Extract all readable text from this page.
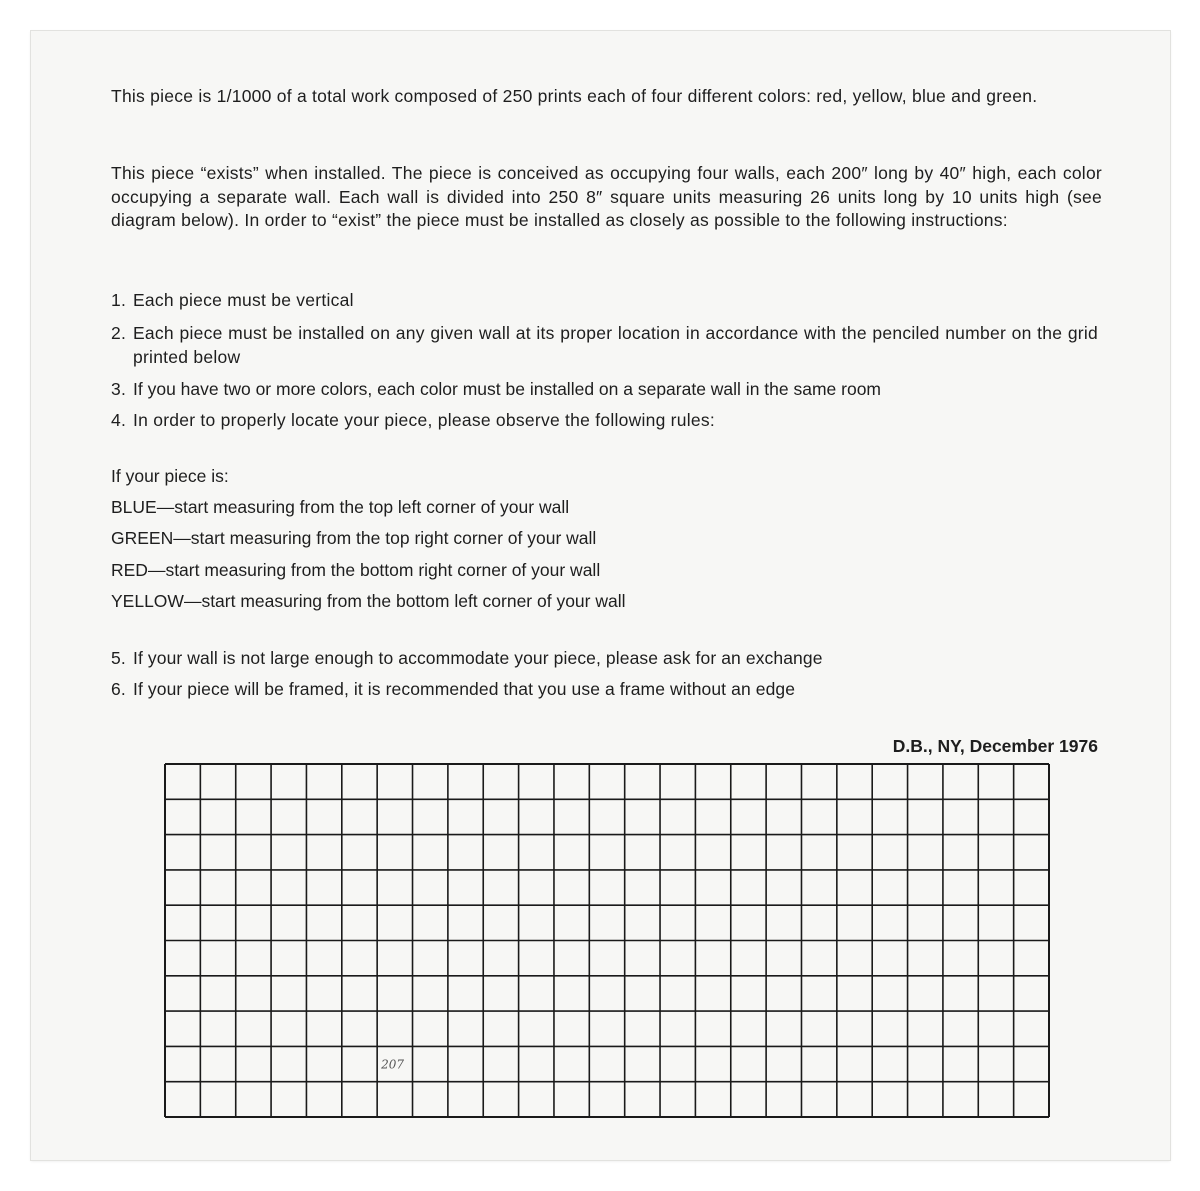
This piece is 1/1000 of a total work composed of 250 prints each of four different colors: red, yellow, blue and green.
This piece “exists” when installed. The piece is conceived as occupying four walls, each 200″ long by 40″ high, each color occupying a separate wall. Each wall is divided into 250 8″ square units measuring 26 units long by 10 units high (see diagram below). In order to “exist” the piece must be installed as closely as possible to the following instructions:
1. Each piece must be vertical
2. Each piece must be installed on any given wall at its proper location in accordance with the penciled number on the grid printed below
3. If you have two or more colors, each color must be installed on a separate wall in the same room
4. In order to properly locate your piece, please observe the following rules:
If your piece is:
BLUE—start measuring from the top left corner of your wall
GREEN—start measuring from the top right corner of your wall
RED—start measuring from the bottom right corner of your wall
YELLOW—start measuring from the bottom left corner of your wall
5. If your wall is not large enough to accommodate your piece, please ask for an exchange
6. If your piece will be framed, it is recommended that you use a frame without an edge
D.B., NY, December 1976
207
